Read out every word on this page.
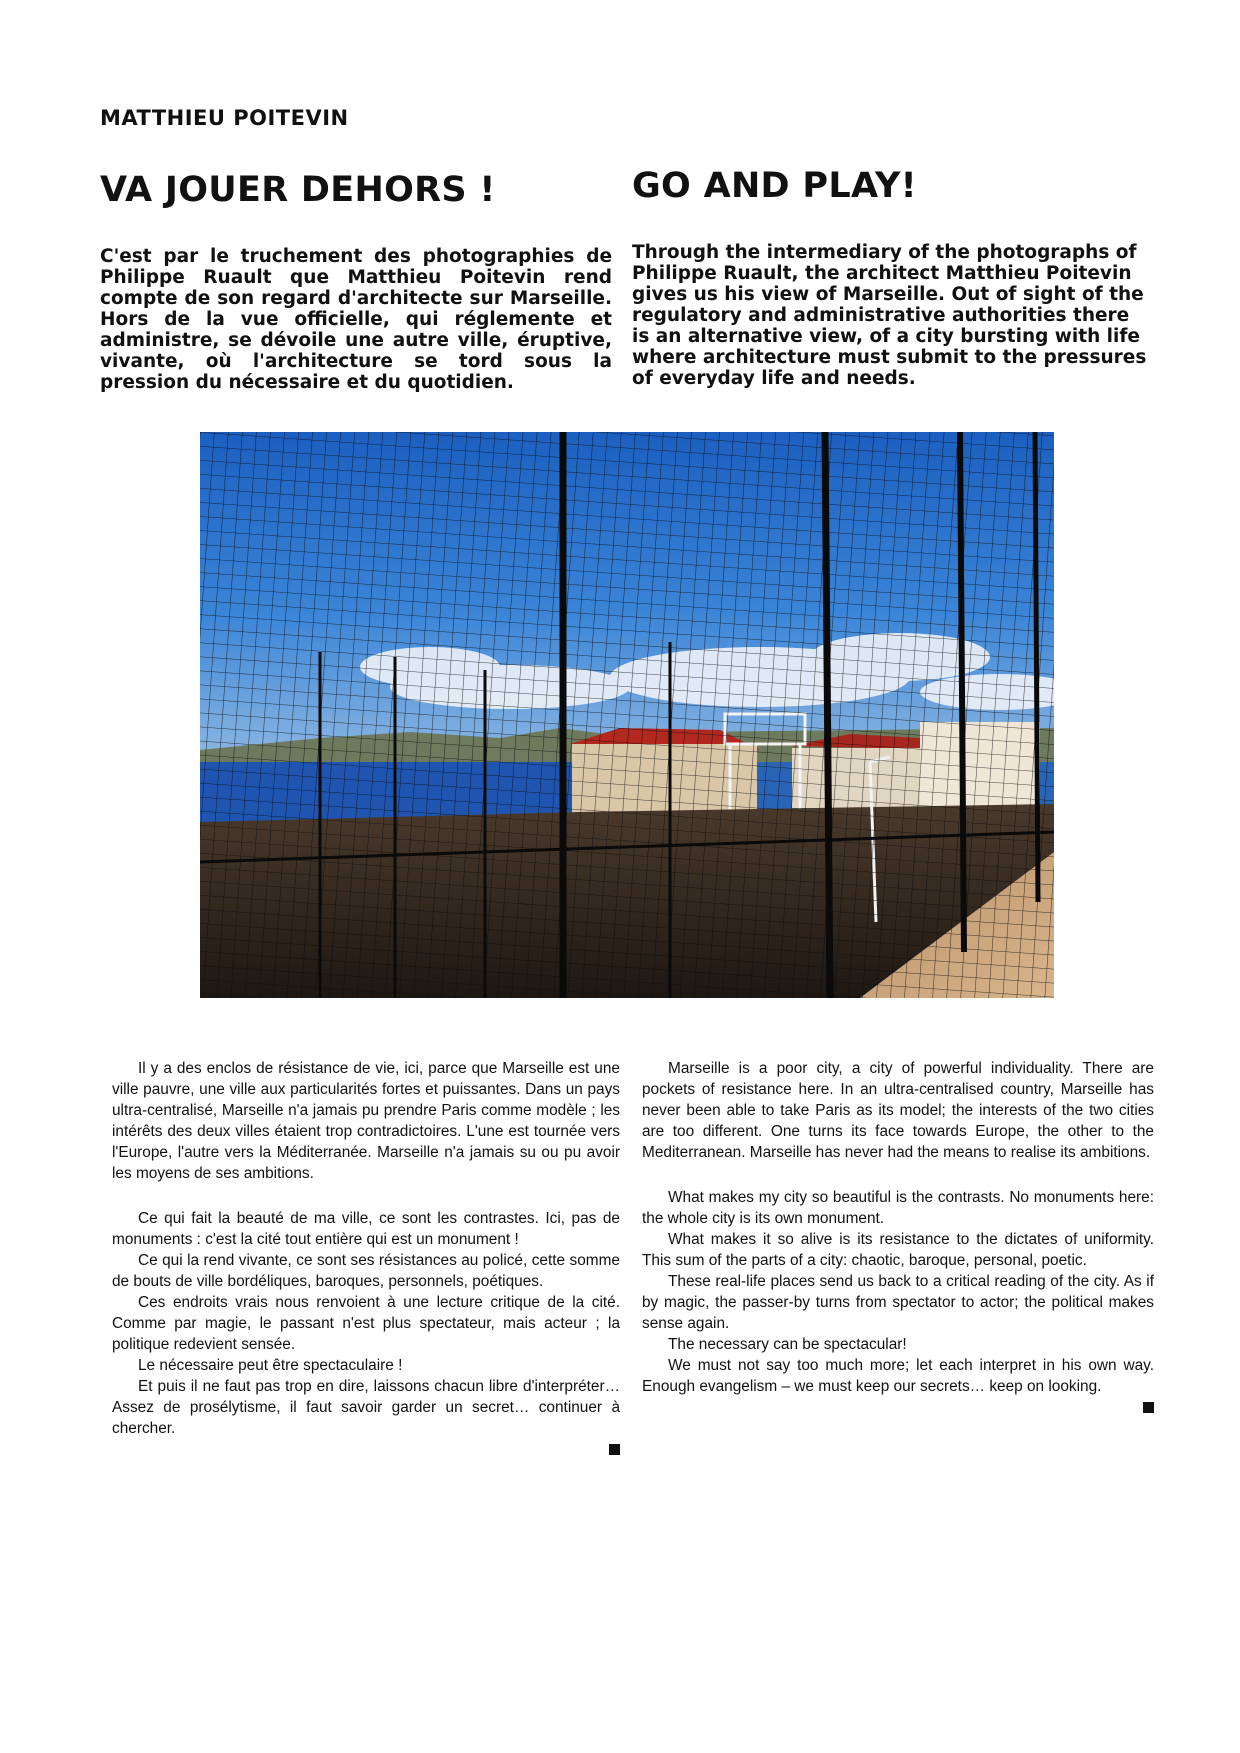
MATTHIEU POITEVIN
VA JOUER DEHORS !	GO AND PLAY!

C'est par le truchement des photographies de Philippe Ruault que Matthieu Poitevin rend compte de son regard d'architecte sur Marseille. Hors de la vue officielle, qui réglemente et administre, se dévoile une autre ville, éruptive, vivante, où l'architecture se tord sous la pression du nécessaire et du quotidien.

Through the intermediary of the photographs of Philippe Ruault, the architect Matthieu Poitevin gives us his view of Marseille. Out of sight of the regulatory and administrative authorities there is an alternative view, of a city bursting with life where architecture must submit to the pressures of everyday life and needs.

Il y a des enclos de résistance de vie, ici, parce que Marseille est une ville pauvre, une ville aux particularités fortes et puissantes. Dans un pays ultra-centralisé, Marseille n'a jamais pu prendre Paris comme modèle ; les intérêts des deux villes étaient trop contradictoires. L'une est tournée vers l'Europe, l'autre vers la Méditerranée. Marseille n'a jamais su ou pu avoir les moyens de ses ambitions.

Ce qui fait la beauté de ma ville, ce sont les contrastes. Ici, pas de monuments : c'est la cité tout entière qui est un monument !

Ce qui la rend vivante, ce sont ses résistances au policé, cette somme de bouts de ville bordéliques, baroques, personnels, poétiques.

Ces endroits vrais nous renvoient à une lecture critique de la cité. Comme par magie, le passant n'est plus spectateur, mais acteur ; la politique redevient sensée.

Le nécessaire peut être spectaculaire !

Et puis il ne faut pas trop en dire, laissons chacun libre d'interpréter… Assez de prosélytisme, il faut savoir garder un secret… continuer à chercher.

Marseille is a poor city, a city of powerful individuality. There are pockets of resistance here. In an ultra-centralised country, Marseille has never been able to take Paris as its model; the interests of the two cities are too different. One turns its face towards Europe, the other to the Mediterranean. Marseille has never had the means to realise its ambitions.

What makes my city so beautiful is the contrasts. No monuments here: the whole city is its own monument.

What makes it so alive is its resistance to the dictates of uniformity. This sum of the parts of a city: chaotic, baroque, personal, poetic.

These real-life places send us back to a critical reading of the city. As if by magic, the passer-by turns from spectator to actor; the political makes sense again.

The necessary can be spectacular!

We must not say too much more; let each interpret in his own way. Enough evangelism – we must keep our secrets… keep on looking.
